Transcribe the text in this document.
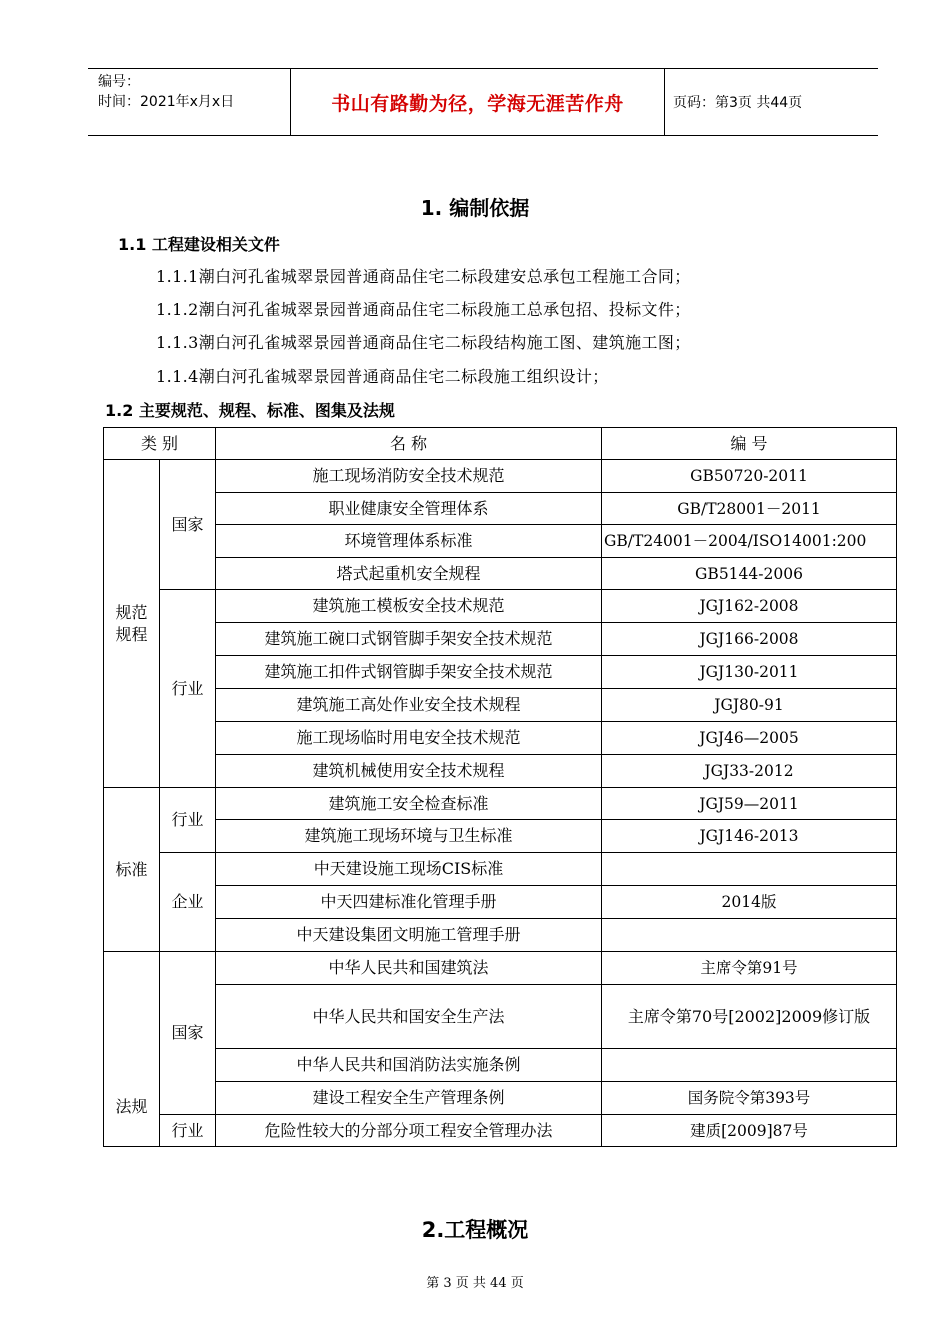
编号：
时间：2021年x月x日	书山有路勤为径，学海无涯苦作舟	页码：第3页 共44页
1. 编制依据
1.1 工程建设相关文件
1.1.1潮白河孔雀城翠景园普通商品住宅二标段建安总承包工程施工合同；
1.1.2潮白河孔雀城翠景园普通商品住宅二标段施工总承包招、投标文件；
1.1.3潮白河孔雀城翠景园普通商品住宅二标段结构施工图、建筑施工图；
1.1.4潮白河孔雀城翠景园普通商品住宅二标段施工组织设计；
1.2 主要规范、规程、标准、图集及法规
类 别		名 称	编 号
规范规程	国家	施工现场消防安全技术规范	GB50720-2011
		职业健康安全管理体系	GB/T28001－2011
		环境管理体系标准	GB/T24001－2004/ISO14001:200
		塔式起重机安全规程	GB5144-2006
	行业	建筑施工模板安全技术规范	JGJ162-2008
		建筑施工碗口式钢管脚手架安全技术规范	JGJ166-2008
		建筑施工扣件式钢管脚手架安全技术规范	JGJ130-2011
		建筑施工高处作业安全技术规程	JGJ80-91
		施工现场临时用电安全技术规范	JGJ46—2005
		建筑机械使用安全技术规程	JGJ33-2012
标准	行业	建筑施工安全检查标准	JGJ59—2011
		建筑施工现场环境与卫生标准	JGJ146-2013
	企业	中天建设施工现场CIS标准	
		中天四建标准化管理手册	2014版
		中天建设集团文明施工管理手册	
法规	国家	中华人民共和国建筑法	主席令第91号
		中华人民共和国安全生产法	主席令第70号[2002]2009修订版
		中华人民共和国消防法实施条例	
		建设工程安全生产管理条例	国务院令第393号
	行业	危险性较大的分部分项工程安全管理办法	建质[2009]87号
2.工程概况
第 3 页 共 44 页
